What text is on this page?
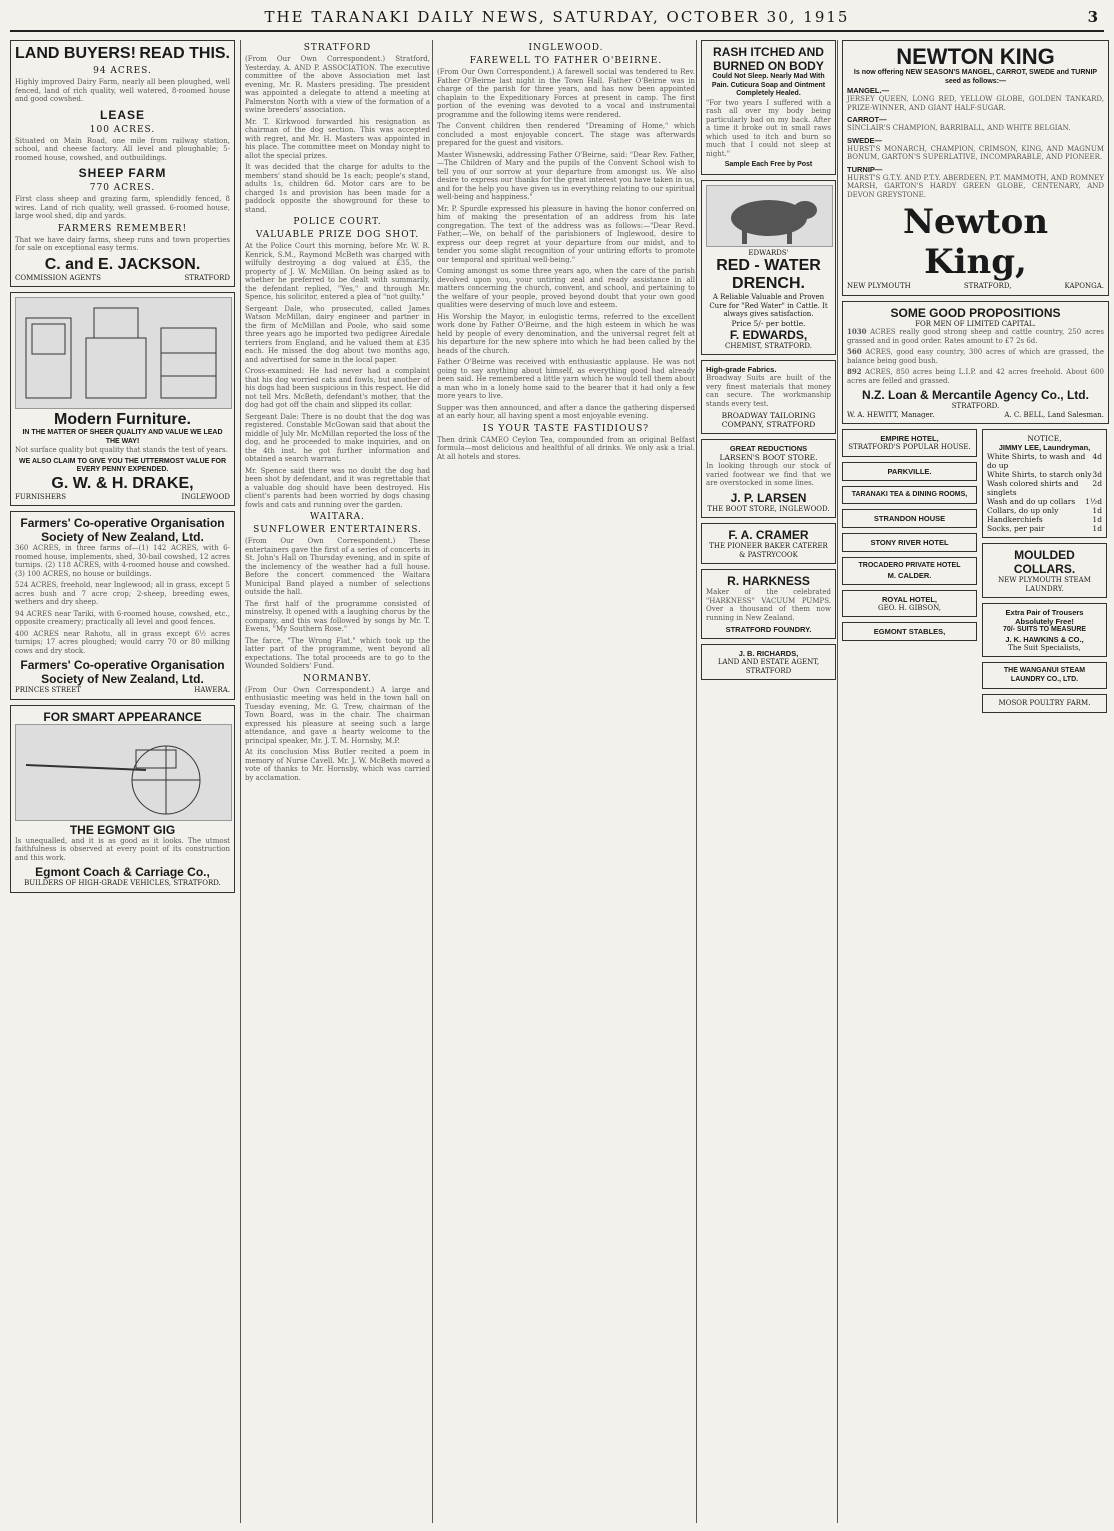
THE TARANAKI DAILY NEWS, SATURDAY, OCTOBER 30, 1915	3
LAND BUYERS! READ THIS.
94 ACRES.

Highly improved Dairy Farm, nearly all been ploughed, well fenced, land of rich quality, well watered, 8-roomed house and good cowshed.

LEASE
100 ACRES.

Situated on Main Road, one mile from railway station, school, and cheese factory. All level and ploughable; 5-roomed house, cowshed, and outbuildings.

SHEEP FARM
770 ACRES.

First class sheep and grazing farm, splendidly fenced, 8 wires. Land of rich quality, well grassed. 6-roomed house, large wool shed, dip and yards.

FARMERS REMEMBER!

That we have dairy farms, sheep runs and town properties for sale on exceptional easy terms.

C. and E. JACKSON.
COMMISSION AGENTS	STRATFORD
Modern Furniture.
IN THE MATTER OF SHEER QUALITY AND VALUE WE LEAD THE WAY!

Not surface quality but quality that stands the test of years.

WE ALSO CLAIM TO GIVE YOU THE UTTERMOST VALUE FOR EVERY PENNY EXPENDED.
G. W. & H. DRAKE,
FURNISHERS	INGLEWOOD
Farmers' Co-operative Organisation
Society of New Zealand, Ltd.

360 ACRES, in three farms of—(1) 142 ACRES, with 6-roomed house, implements, shed, 30-bail cowshed, 12 acres turnips. (2) 118 ACRES, with 4-roomed house and cowshed. (3) 100 ACRES, no house or buildings.

524 ACRES, freehold, near Inglewood; all in grass, except 5 acres bush and 7 acre crop; 2-sheep, breeding ewes, wethers and dry sheep.

94 ACRES near Tariki, with 6-roomed house, cowshed, etc., opposite creamery; practically all level and good fences.

400 ACRES near Rahotu, all in grass except 6½ acres turnips; 17 acres ploughed; would carry 70 or 80 milking cows and dry stock.

Farmers' Co-operative Organisation
Society of New Zealand, Ltd.
PRINCES STREET	HAWERA.
FOR SMART APPEARANCE
THE EGMONT GIG

Is unequalled, and it is as good as it looks. The utmost faithfulness is observed at every point of its construction and this work.

Egmont Coach & Carriage Co.,
BUILDERS OF HIGH-GRADE VEHICLES, STRATFORD.
STRATFORD

(From Our Own Correspondent.) Stratford, Yesterday. A. AND P. ASSOCIATION. The executive committee of the above Association met last evening, Mr. R. Masters presiding. The president was appointed a delegate to attend a meeting at Palmerston North with a view of the formation of a swine breeders' association.

Mr. T. Kirkwood forwarded his resignation as chairman of the dog section. This was accepted with regret, and Mr. H. Masters was appointed in his place. The committee meet on Monday night to allot the special prizes.

It was decided that the charge for adults to the members' stand should be 1s each; people's stand, adults 1s, children 6d. Motor cars are to be charged 1s and provision has been made for a paddock opposite the showground for these to stand.

POLICE COURT.
VALUABLE PRIZE DOG SHOT.

At the Police Court this morning, before Mr. W. R. Kenrick, S.M., Raymond McBeth was charged with wilfully destroying a dog valued at £35, the property of J. W. McMillan. On being asked as to whether he preferred to be dealt with summarily, the defendant replied, "Yes," and through Mr. Spence, his solicitor, entered a plea of "not guilty."

Sergeant Dale, who prosecuted, called James Watson McMillan, dairy engineer and partner in the firm of McMillan and Poole, who said some three years ago he imported two pedigree Airedale terriers from England, and he valued them at £35 each. He missed the dog about two months ago, and advertised for same in the local paper.

Cross-examined: He had never had a complaint that his dog worried cats and fowls, but another of his dogs had been suspicious in this respect. He did not tell Mrs. McBeth, defendant's mother, that the dog had got off the chain and slipped its collar.

Sergeant Dale: There is no doubt that the dog was registered. Constable McGowan said that about the middle of July Mr. McMillan reported the loss of the dog, and he proceeded to make inquiries, and on the 4th inst. he got further information and obtained a search warrant.

Mr. Spence said there was no doubt the dog had been shot by defendant, and it was regrettable that a valuable dog should have been destroyed. His client's parents had been worried by dogs chasing fowls and cats and running over the garden.

WAITARA.
SUNFLOWER ENTERTAINERS.

(From Our Own Correspondent.) These entertainers gave the first of a series of concerts in St. John's Hall on Thursday evening, and in spite of the inclemency of the weather had a full house. Before the concert commenced the Waitara Municipal Band played a number of selections outside the hall.

The first half of the programme consisted of minstrelsy. It opened with a laughing chorus by the company, and this was followed by songs by Mr. T. Ewens, "My Southern Rose."

The farce, "The Wrong Flat," which took up the latter part of the programme, went beyond all expectations. The total proceeds are to go to the Wounded Soldiers' Fund.

NORMANBY.

(From Our Own Correspondent.) A large and enthusiastic meeting was held in the town hall on Tuesday evening, Mr. G. Trew, chairman of the Town Board, was in the chair. The chairman expressed his pleasure at seeing such a large attendance, and gave a hearty welcome to the principal speaker, Mr. J. T. M. Hornsby, M.P.

At its conclusion Miss Butler recited a poem in memory of Nurse Cavell. Mr. J. W. McBeth moved a vote of thanks to Mr. Hornsby, which was carried by acclamation.

INGLEWOOD.
FAREWELL TO FATHER O'BEIRNE.

(From Our Own Correspondent.) A farewell social was tendered to Rev. Father O'Beirne last night in the Town Hall. Father O'Beirne was in charge of the parish for three years, and has now been appointed chaplain to the Expeditionary Forces at present in camp. The first portion of the evening was devoted to a vocal and instrumental programme and the following items were rendered.

The Convent children then rendered "Dreaming of Home," which concluded a most enjoyable concert. The stage was afterwards prepared for the guest and visitors.

Master Wisnewski, addressing Father O'Beirne, said: "Dear Rev. Father,—The Children of Mary and the pupils of the Convent School wish to tell you of our sorrow at your departure from amongst us. We also desire to express our thanks for the great interest you have taken in us, and for the help you have given us in everything relating to our spiritual well-being and happiness."

Mr. P. Spurdle expressed his pleasure in having the honor conferred on him of making the presentation of an address from his late congregation. The text of the address was as follows:—"Dear Revd. Father,—We, on behalf of the parishioners of Inglewood, desire to express our deep regret at your departure from our midst, and to tender you some slight recognition of your untiring efforts to promote our temporal and spiritual well-being."

Coming amongst us some three years ago, when the care of the parish devolved upon you, your untiring zeal and ready assistance in all matters concerning the church, convent, and school, and pertaining to the welfare of your people, proved beyond doubt that your own good qualities were deserving of much love and esteem.

His Worship the Mayor, in eulogistic terms, referred to the excellent work done by Father O'Beirne, and the high esteem in which he was held by people of every denomination, and the universal regret felt at his departure for the new sphere into which he had been called by the heads of the church.

Father O'Beirne was received with enthusiastic applause. He was not going to say anything about himself, as everything good had already been said. He remembered a little yarn which he would tell them about a man who in a lonely home said to the bearer that it had only a few more years to live.

Supper was then announced, and after a dance the gathering dispersed at an early hour, all having spent a most enjoyable evening.

IS YOUR TASTE FASTIDIOUS?

Then drink CAMEO Ceylon Tea, compounded from an original Belfast formula—most delicious and healthful of all drinks. We only ask a trial. At all hotels and stores.

RASH ITCHED AND BURNED ON BODY
Could Not Sleep. Nearly Mad With Pain. Cuticura Soap and Ointment Completely Healed.

"For two years I suffered with a rash all over my body being particularly bad on my back. After a time it broke out in small raws which used to itch and burn so much that I could not sleep at night."

Sample Each Free by Post
EDWARDS'
RED - WATER DRENCH.
A Reliable Valuable and Proven Cure for "Red Water" in Cattle. It always gives satisfaction.
Price 5/- per bottle.
F. EDWARDS,
CHEMIST, STRATFORD.
High-grade Fabrics.

Broadway Suits are built of the very finest materials that money can secure. The workmanship stands every test.

BROADWAY TAILORING COMPANY, STRATFORD
GREAT REDUCTIONS
LARSEN'S BOOT STORE.

In looking through our stock of varied footwear we find that we are overstocked in some lines.

J. P. LARSEN
THE BOOT STORE, INGLEWOOD.
F. A. CRAMER
THE PIONEER BAKER CATERER & PASTRYCOOK
R. HARKNESS

Maker of the celebrated "HARKNESS" VACUUM PUMPS. Over a thousand of them now running in New Zealand.

STRATFORD FOUNDRY.
J. B. RICHARDS,
LAND AND ESTATE AGENT, STRATFORD
NEWTON KING
Is now offering NEW SEASON'S MANGEL, CARROT, SWEDE and TURNIP seed as follows:—
MANGEL.—

JERSEY QUEEN, LONG RED, YELLOW GLOBE, GOLDEN TANKARD, PRIZE-WINNER, AND GIANT HALF-SUGAR.

CARROT—

SINCLAIR'S CHAMPION, BARRIBALL, AND WHITE BELGIAN.

SWEDE—

HURST'S MONARCH, CHAMPION, CRIMSON, KING, AND MAGNUM BONUM, GARTON'S SUPERLATIVE, INCOMPARABLE, AND PIONEER.

TURNIP—

HURST'S G.T.Y. AND P.T.Y. ABERDEEN, P.T. MAMMOTH, AND ROMNEY MARSH, GARTON'S HARDY GREEN GLOBE, CENTENARY, AND DEVON GREYSTONE.

Newton King,
NEW PLYMOUTH	STRATFORD,	KAPONGA.
SOME GOOD PROPOSITIONS
FOR MEN OF LIMITED CAPITAL.

1030 ACRES really good strong sheep and cattle country, 250 acres grassed and in good order. Rates amount to £7 2s 6d.

560 ACRES, good easy country, 300 acres of which are grassed, the balance being good bush.

892 ACRES, 850 acres being L.I.P. and 42 acres freehold. About 600 acres are felled and grassed.

N.Z. Loan & Mercantile Agency Co., Ltd.
STRATFORD.
W. A. HEWITT, Manager.	A. C. BELL, Land Salesman.
EMPIRE HOTEL,
STRATFORD'S POPULAR HOUSE.
PARKVILLE.
TARANAKI TEA & DINING ROOMS,
STRANDON HOUSE
STONY RIVER HOTEL
TROCADERO PRIVATE HOTEL
M. CALDER.
ROYAL HOTEL,
GEO. H. GIBSON,
EGMONT STABLES,
NOTICE,
JIMMY LEE, Laundryman,
White Shirts, to wash and do up
4d
White Shirts, to starch only 3d
Wash colored shirts and singlets
2d
Wash and do up collars 1½d
Collars, do up only	1d
Handkerchiefs	1d
Socks, per pair	1d
MOULDED COLLARS.
NEW PLYMOUTH STEAM LAUNDRY.
Extra Pair of Trousers Absolutely Free!
70/- SUITS TO MEASURE
J. K. HAWKINS & CO.,
The Suit Specialists,
THE WANGANUI STEAM LAUNDRY CO., LTD.
MOSOR POULTRY FARM.
